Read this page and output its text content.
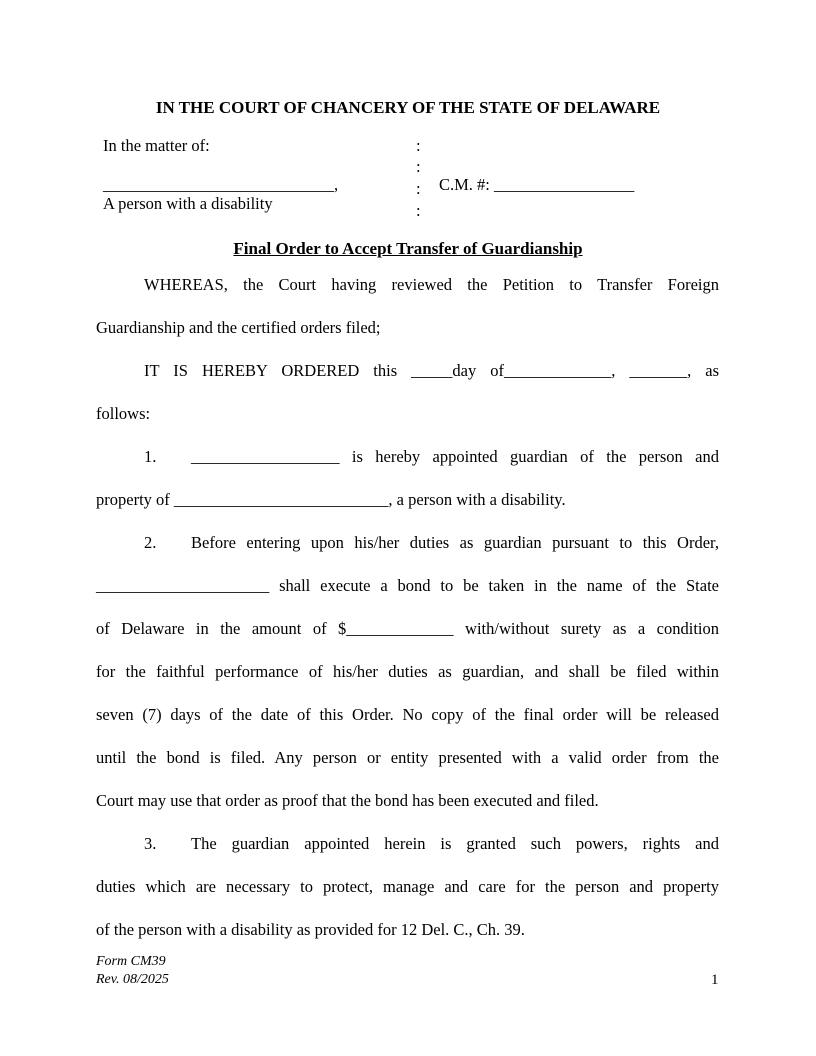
IN THE COURT OF CHANCERY OF THE STATE OF DELAWARE
In the matter of:
____________________________,
A person with a disability
:
:
:
:
C.M. #: _________________
Final Order to Accept Transfer of Guardianship
WHEREAS, the Court having reviewed the Petition to Transfer Foreign
Guardianship and the certified orders filed;
IT IS HEREBY ORDERED this _____day of_____________, _______, as
follows:
1. __________________ is hereby appointed guardian of the person and
property of __________________________, a person with a disability.
2. Before entering upon his/her duties as guardian pursuant to this Order,
_____________________ shall execute a bond to be taken in the name of the State
of Delaware in the amount of $_____________ with/without surety as a condition
for the faithful performance of his/her duties as guardian, and shall be filed within
seven (7) days of the date of this Order. No copy of the final order will be released
until the bond is filed. Any person or entity presented with a valid order from the
Court may use that order as proof that the bond has been executed and filed.
3. The guardian appointed herein is granted such powers, rights and
duties which are necessary to protect, manage and care for the person and property
of the person with a disability as provided for 12 Del. C., Ch. 39.
Form CM39
Rev. 08/2025	1
